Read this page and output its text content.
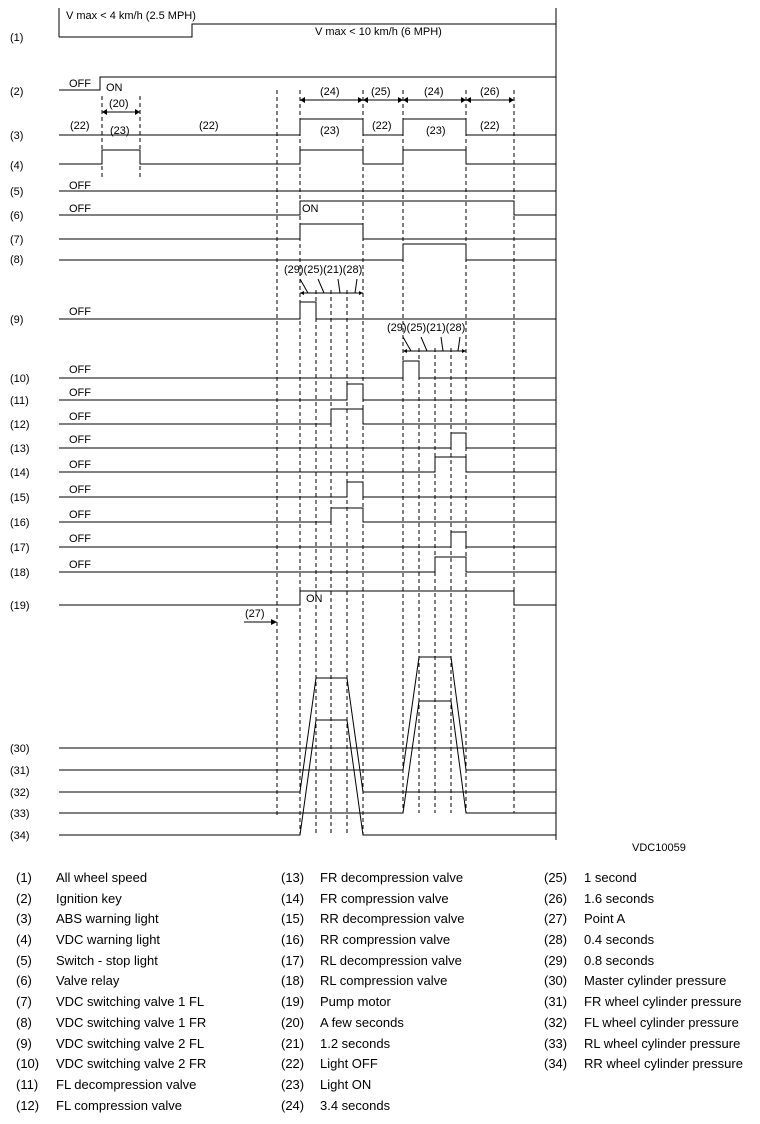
(1)
(2)
(3)
(4)
(5)
(6)
(7)
(8)
(9)
(10)
(11)
(12)
(13)
(14)
(15)
(16)
(17)
(18)
(19)
(30)
(31)
(32)
(33)
(34)
V max < 4 km/h (2.5 MPH)
V max < 10 km/h (6 MPH)
OFF ON
(20)
(24)	(25)	(24)	(26)
(22) (23)	(22)	(23)	(22)	(23)	(22)
OFF
OFF	ON
(29)(25)(21)(28)
OFF
(29)(25)(21)(28)
OFF
OFF
OFF
OFF
OFF
OFF
OFF
OFF
OFF
ON
(27)
VDC10059
(1) All wheel speed
(2) Ignition key
(3) ABS warning light
(4) VDC warning light
(5) Switch - stop light
(6) Valve relay
(7) VDC switching valve 1 FL
(8) VDC switching valve 1 FR
(9) VDC switching valve 2 FL
(10) VDC switching valve 2 FR
(11) FL decompression valve
(12) FL compression valve
(13) FR decompression valve
(14) FR compression valve
(15) RR decompression valve
(16) RR compression valve
(17) RL decompression valve
(18) RL compression valve
(19) Pump motor
(20) A few seconds
(21) 1.2 seconds
(22) Light OFF
(23) Light ON
(24) 3.4 seconds
(25) 1 second
(26) 1.6 seconds
(27) Point A
(28) 0.4 seconds
(29) 0.8 seconds
(30) Master cylinder pressure
(31) FR wheel cylinder pressure
(32) FL wheel cylinder pressure
(33) RL wheel cylinder pressure
(34) RR wheel cylinder pressure
